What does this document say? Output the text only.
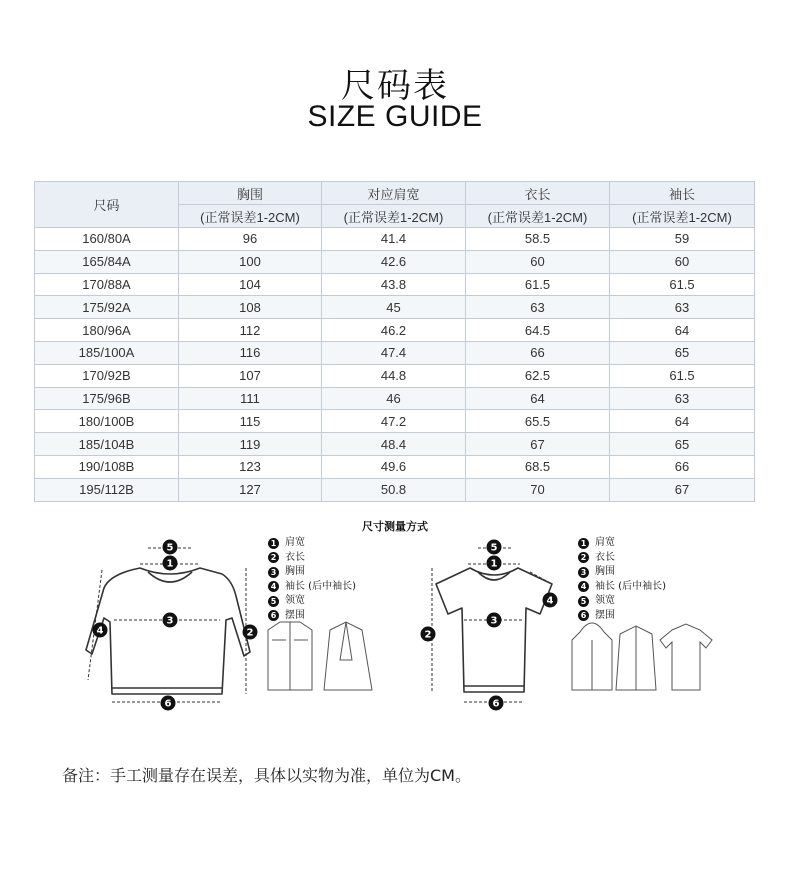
尺码表
SIZE GUIDE
尺码	胸围	对应肩宽	衣长	袖长
	(正常误差1-2CM)	(正常误差1-2CM)	(正常误差1-2CM)	(正常误差1-2CM)
160/80A	96	41.4	58.5	59
165/84A	100	42.6	60	60
170/88A	104	43.8	61.5	61.5
175/92A	108	45	63	63
180/96A	112	46.2	64.5	64
185/100A	116	47.4	66	65
170/92B	107	44.8	62.5	61.5
175/96B	111	46	64	63
180/100B	115	47.2	65.5	64
185/104B	119	48.4	67	65
190/108B	123	49.6	68.5	66
195/112B	127	50.8	70	67
尺寸测量方式
5
1
4
3
2
6
5
1
4
2
3
6
1 肩宽
2 衣长
3 胸围
4 袖长 (后中袖长)
5 领宽
6 摆围
1 肩宽
2 衣长
3 胸围
4 袖长 (后中袖长)
5 领宽
6 摆围
备注：手工测量存在误差，具体以实物为准，单位为CM。
